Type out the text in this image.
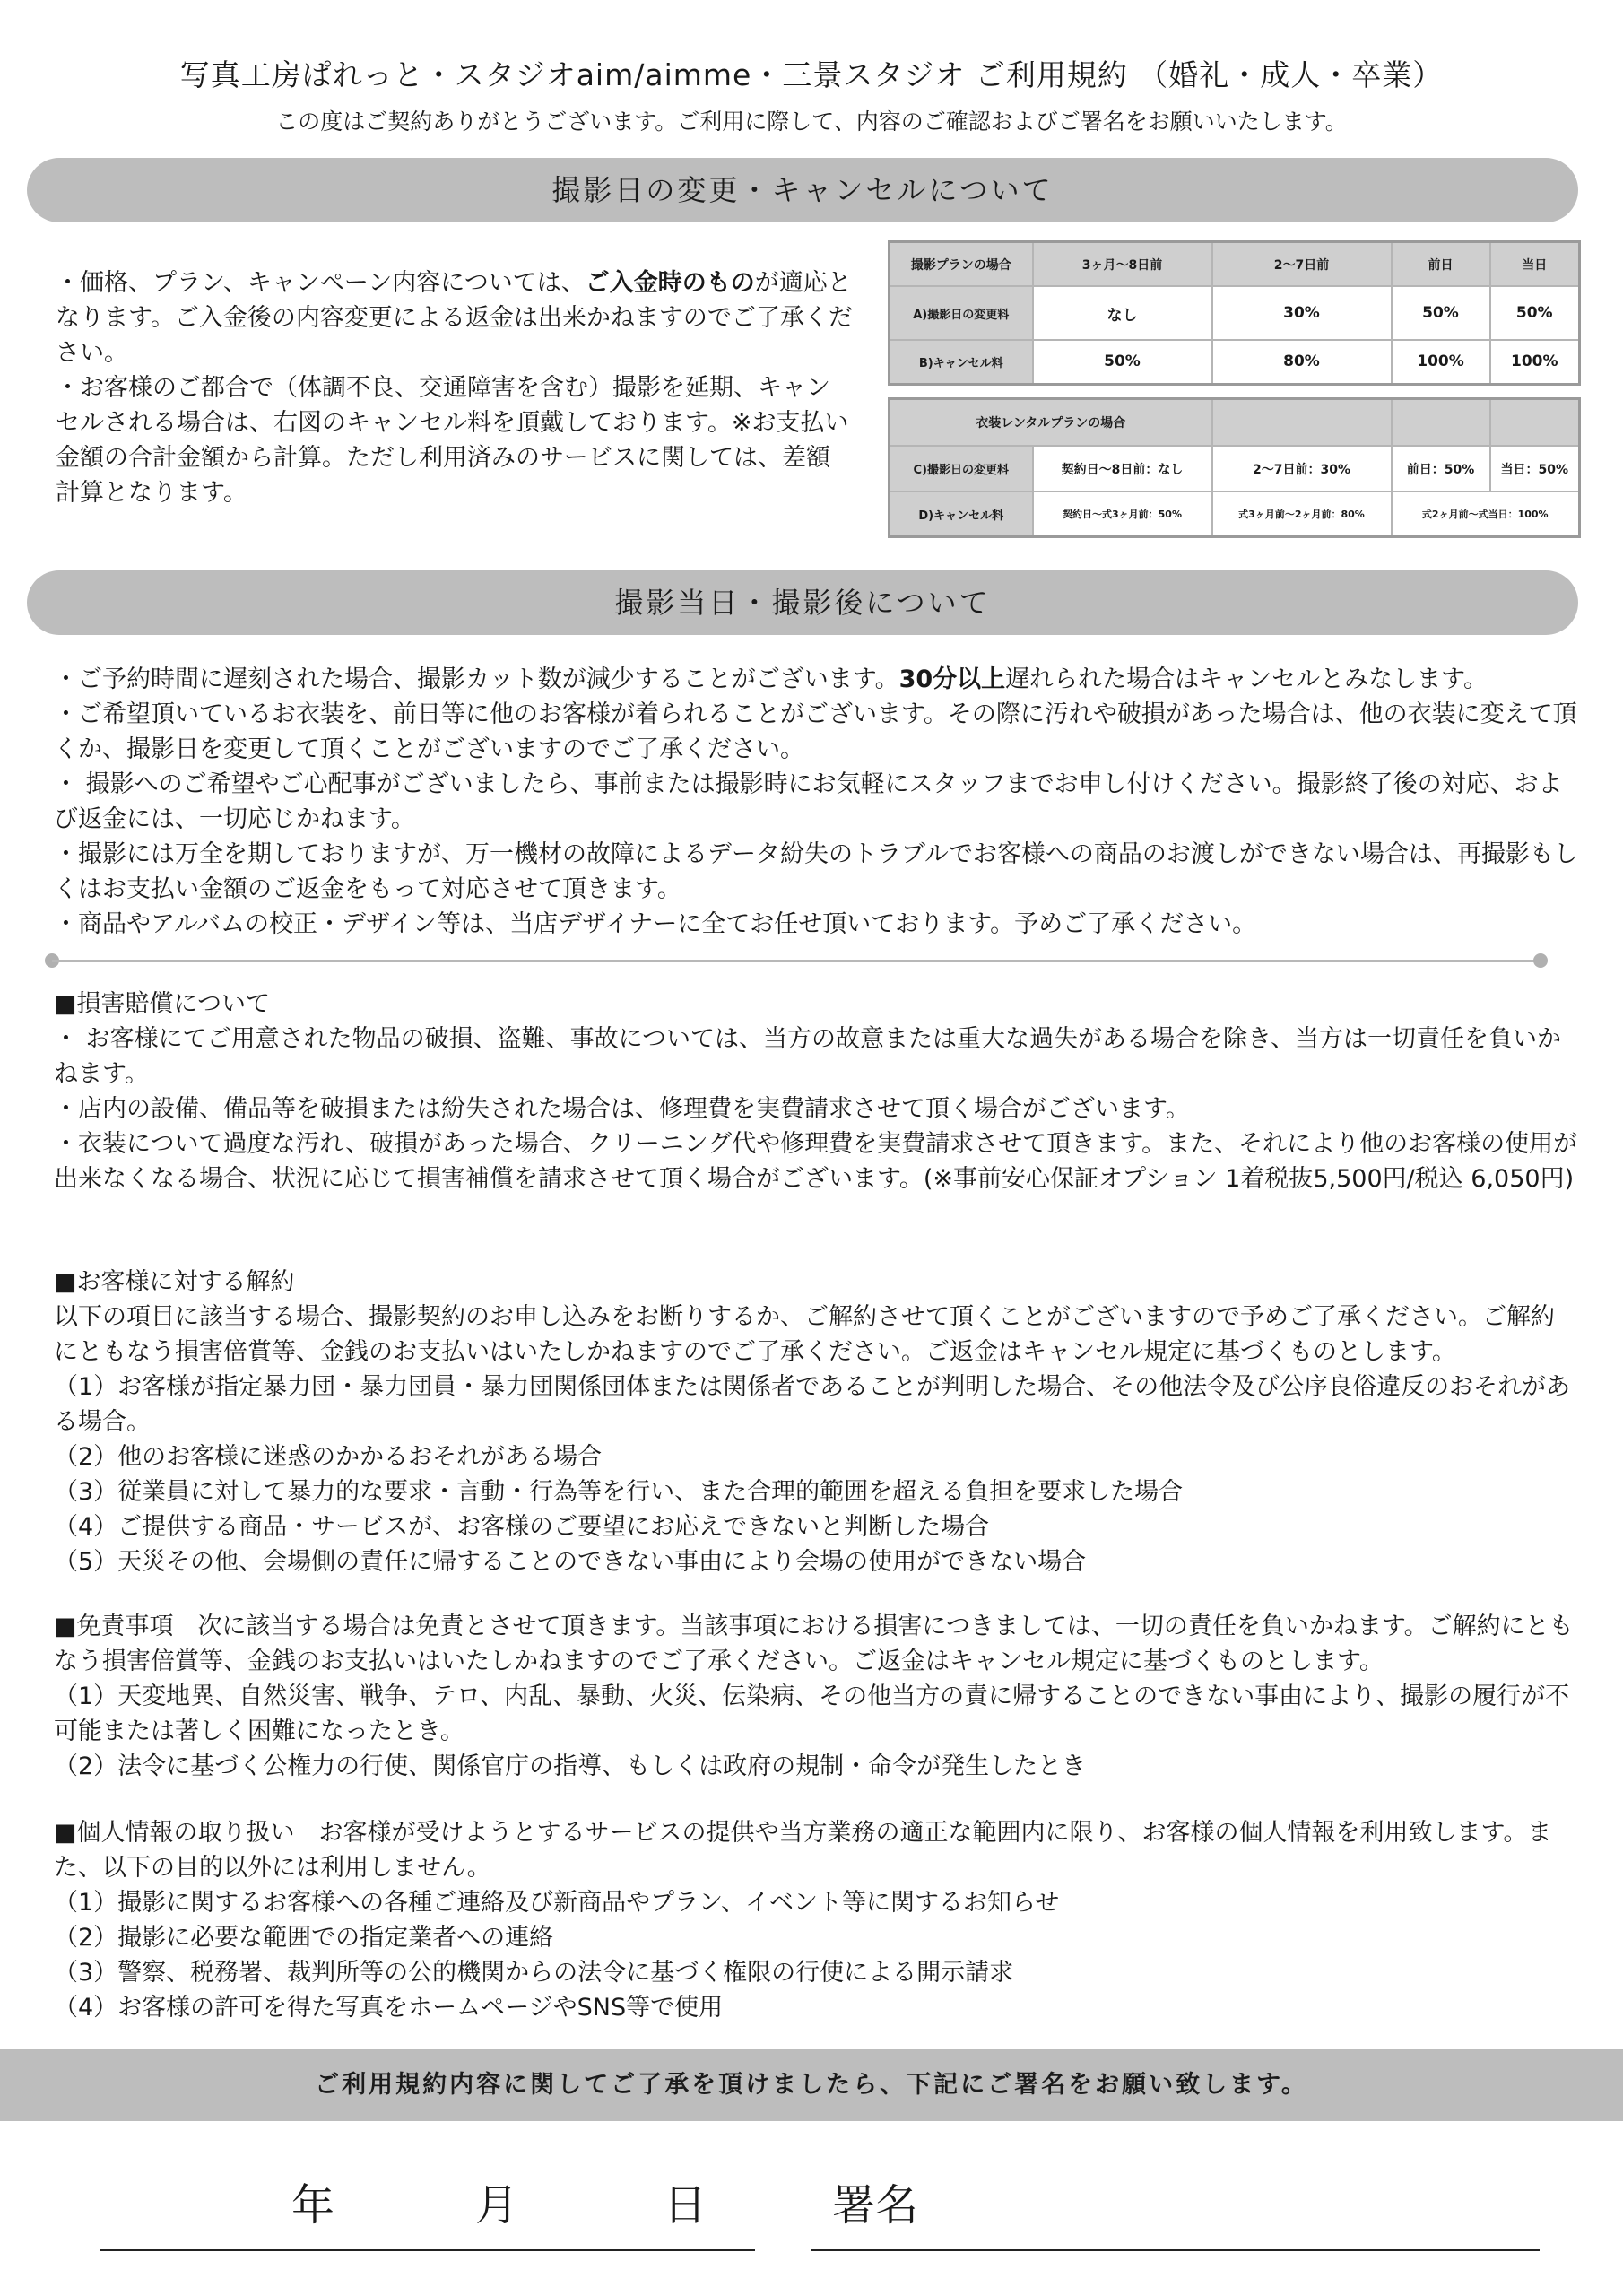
写真工房ぱれっと・スタジオaim/aimme・三景スタジオ ご利用規約 （婚礼・成人・卒業）
この度はご契約ありがとうございます。ご利用に際して、内容のご確認およびご署名をお願いいたします。
撮影日の変更・キャンセルについて

・価格、プラン、キャンペーン内容については、ご入金時のものが適応となります。ご入金後の内容変更による返金は出来かねますのでご了承ください。

・お客様のご都合で（体調不良、交通障害を含む）撮影を延期、キャンセルされる場合は、右図のキャンセル料を頂戴しております。※お支払い金額の合計金額から計算。ただし利用済みのサービスに関しては、差額計算となります。

撮影プランの場合	3ヶ月〜8日前	2〜7日前	前日	当日
A)撮影日の変更料	なし	30%	50%	50%
B)キャンセル料	50%	80%	100%	100%
衣装レンタルプランの場合				
C)撮影日の変更料	契約日〜8日前：なし	2〜7日前：30%	前日：50%	当日：50%
D)キャンセル料	契約日〜式3ヶ月前：50%	式3ヶ月前〜2ヶ月前：80%	式2ヶ月前〜式当日：100%	
撮影当日・撮影後について

・ご予約時間に遅刻された場合、撮影カット数が減少することがございます。30分以上遅れられた場合はキャンセルとみなします。

・ご希望頂いているお衣装を、前日等に他のお客様が着られることがございます。その際に汚れや破損があった場合は、他の衣装に変えて頂くか、撮影日を変更して頂くことがございますのでご了承ください。

・ 撮影へのご希望やご心配事がございましたら、事前または撮影時にお気軽にスタッフまでお申し付けください。撮影終了後の対応、および返金には、一切応じかねます。

・撮影には万全を期しておりますが、万一機材の故障によるデータ紛失のトラブルでお客様への商品のお渡しができない場合は、再撮影もしくはお支払い金額のご返金をもって対応させて頂きます。

・商品やアルバムの校正・デザイン等は、当店デザイナーに全てお任せ頂いております。予めご了承ください。

■損害賠償について

・ お客様にてご用意された物品の破損、盗難、事故については、当方の故意または重大な過失がある場合を除き、当方は一切責任を負いかねます。

・店内の設備、備品等を破損または紛失された場合は、修理費を実費請求させて頂く場合がございます。

・衣装について過度な汚れ、破損があった場合、クリーニング代や修理費を実費請求させて頂きます。また、それにより他のお客様の使用が出来なくなる場合、状況に応じて損害補償を請求させて頂く場合がございます。(※事前安心保証オプション 1着税抜5,500円/税込 6,050円)

■お客様に対する解約

以下の項目に該当する場合、撮影契約のお申し込みをお断りするか、ご解約させて頂くことがございますので予めご了承ください。ご解約にともなう損害倍賞等、金銭のお支払いはいたしかねますのでご了承ください。ご返金はキャンセル規定に基づくものとします。

（1）お客様が指定暴力団・暴力団員・暴力団関係団体または関係者であることが判明した場合、その他法令及び公序良俗違反のおそれがある場合。

（2）他のお客様に迷惑のかかるおそれがある場合

（3）従業員に対して暴力的な要求・言動・行為等を行い、また合理的範囲を超える負担を要求した場合

（4）ご提供する商品・サービスが、お客様のご要望にお応えできないと判断した場合

（5）天災その他、会場側の責任に帰することのできない事由により会場の使用ができない場合

■免責事項　次に該当する場合は免責とさせて頂きます。当該事項における損害につきましては、一切の責任を負いかねます。ご解約にともなう損害倍賞等、金銭のお支払いはいたしかねますのでご了承ください。ご返金はキャンセル規定に基づくものとします。

（1）天変地異、自然災害、戦争、テロ、内乱、暴動、火災、伝染病、その他当方の責に帰することのできない事由により、撮影の履行が不可能または著しく困難になったとき。

（2）法令に基づく公権力の行使、関係官庁の指導、もしくは政府の規制・命令が発生したとき

■個人情報の取り扱い　お客様が受けようとするサービスの提供や当方業務の適正な範囲内に限り、お客様の個人情報を利用致します。また、以下の目的以外には利用しません。

（1）撮影に関するお客様への各種ご連絡及び新商品やプラン、イベント等に関するお知らせ

（2）撮影に必要な範囲での指定業者への連絡

（3）警察、税務署、裁判所等の公的機関からの法令に基づく権限の行使による開示請求

（4）お客様の許可を得た写真をホームページやSNS等で使用

ご利用規約内容に関してご了承を頂けましたら、下記にご署名をお願い致します。
年	月	日	署名
